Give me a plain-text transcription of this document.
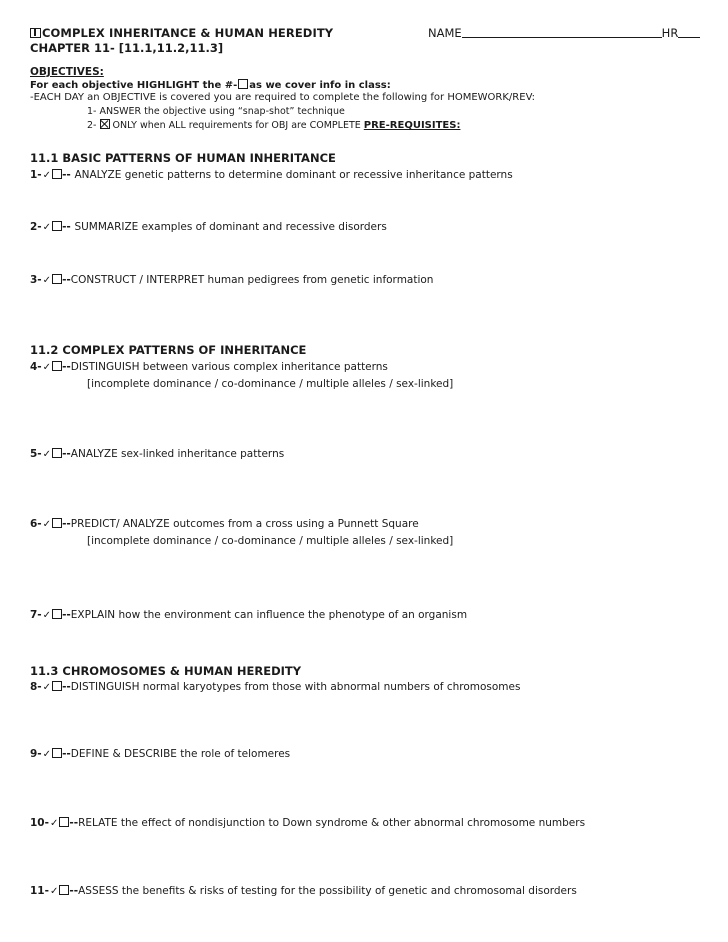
COMPLEX INHERITANCE & HUMAN HEREDITY
CHAPTER 11- [11.1,11.2,11.3]
NAME	HR
OBJECTIVES:
For each objective HIGHLIGHT the #- as we cover info in class:
-EACH DAY an OBJECTIVE is covered you are required to complete the following for HOMEWORK/REV:
1- ANSWER the objective using “snap-shot” technique
2-  ONLY when ALL requirements for OBJ are COMPLETE PRE-REQUISITES:
11.1 BASIC PATTERNS OF HUMAN INHERITANCE
1-✓ -- ANALYZE genetic patterns to determine dominant or recessive inheritance patterns
2-✓ -- SUMMARIZE examples of dominant and recessive disorders
3-✓ --CONSTRUCT / INTERPRET human pedigrees from genetic information
11.2 COMPLEX PATTERNS OF INHERITANCE
4-✓ --DISTINGUISH between various complex inheritance patterns
[incomplete dominance / co-dominance / multiple alleles / sex-linked]
5-✓ --ANALYZE sex-linked inheritance patterns
6-✓ --PREDICT/ ANALYZE outcomes from a cross using a Punnett Square
[incomplete dominance / co-dominance / multiple alleles / sex-linked]
7-✓ --EXPLAIN how the environment can influence the phenotype of an organism
11.3 CHROMOSOMES & HUMAN HEREDITY
8-✓ --DISTINGUISH normal karyotypes from those with abnormal numbers of chromosomes
9-✓ --DEFINE & DESCRIBE the role of telomeres
10-✓ --RELATE the effect of nondisjunction to Down syndrome & other abnormal chromosome numbers
11-✓ --ASSESS the benefits & risks of testing for the possibility of genetic and chromosomal disorders
